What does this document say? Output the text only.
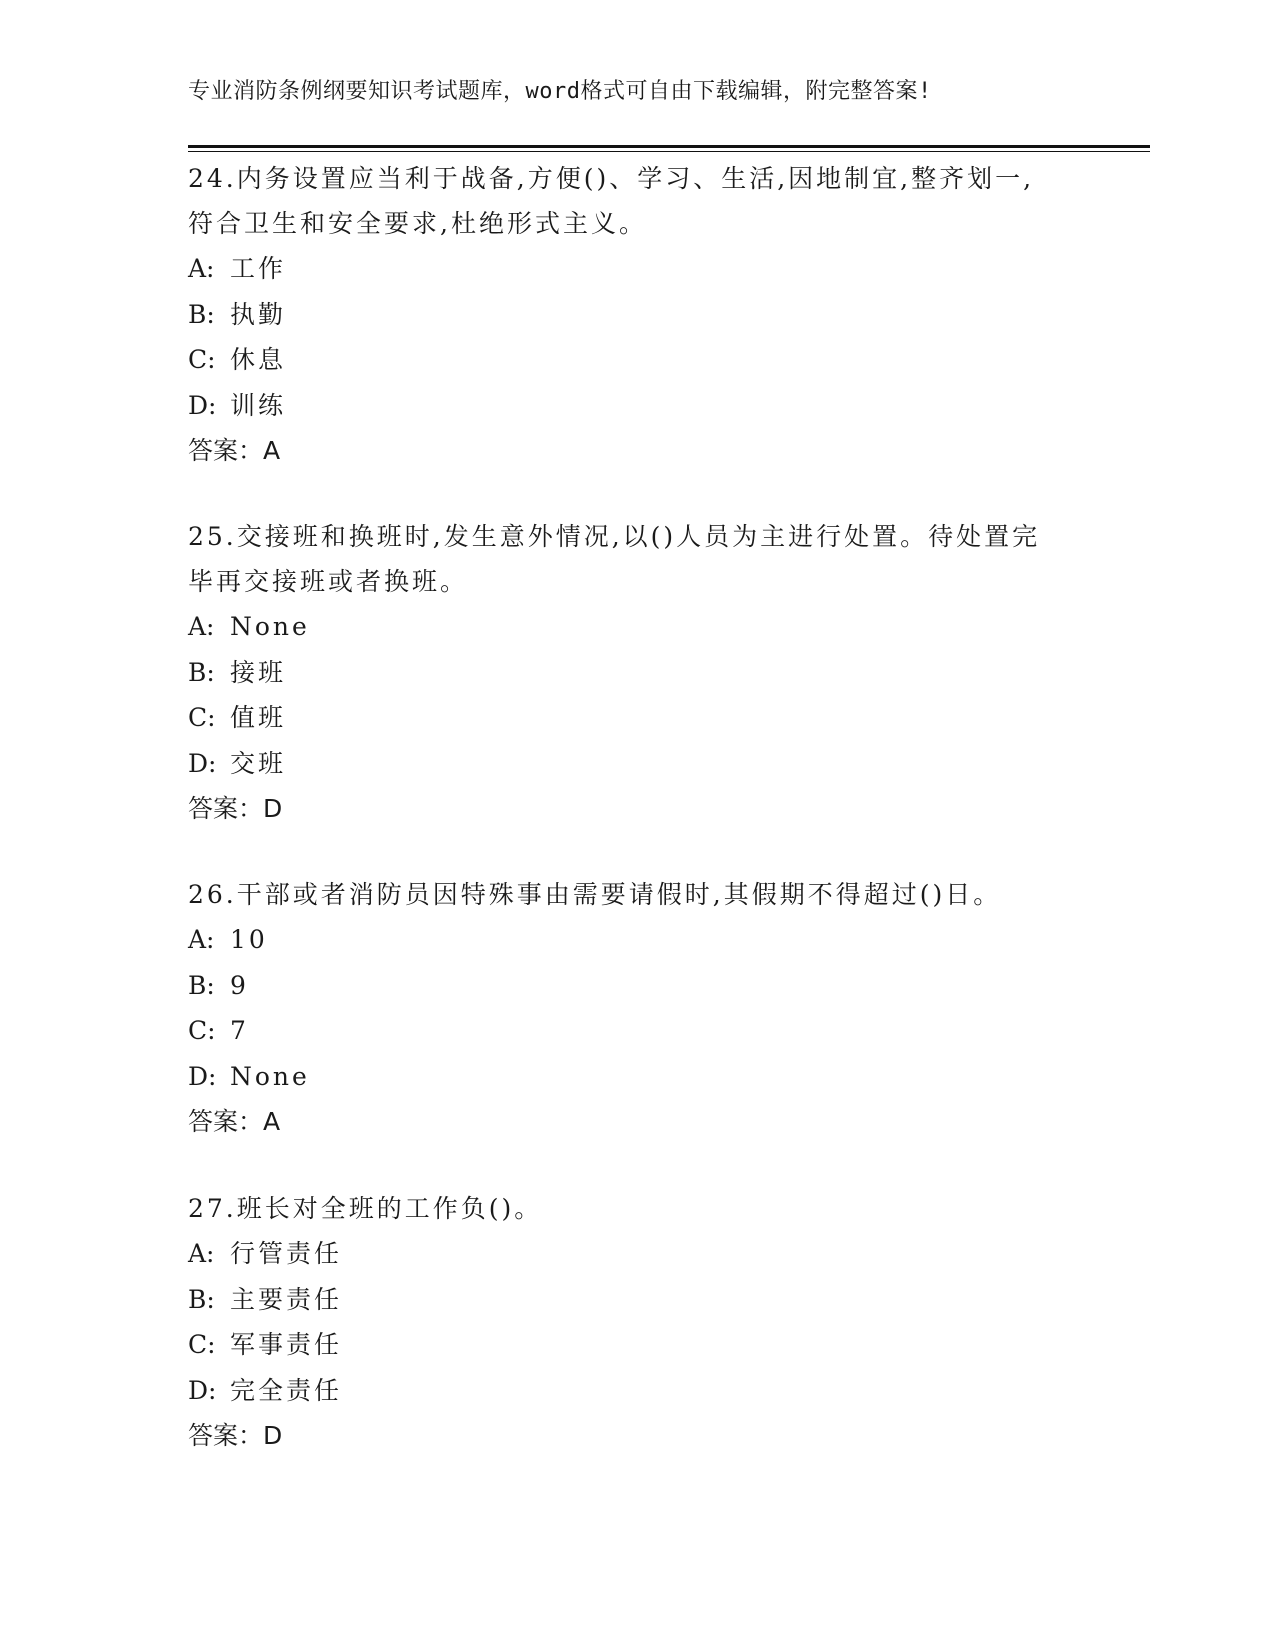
专业消防条例纲要知识考试题库，word格式可自由下载编辑，附完整答案!
24.内务设置应当利于战备,方便()、学习、生活,因地制宜,整齐划一,
符合卫生和安全要求,杜绝形式主义。
A: 工作
B: 执勤
C: 休息
D: 训练
答案：A
25.交接班和换班时,发生意外情况,以()人员为主进行处置。待处置完
毕再交接班或者换班。
A: None
B: 接班
C: 值班
D: 交班
答案：D
26.干部或者消防员因特殊事由需要请假时,其假期不得超过()日。
A: 10
B: 9
C: 7
D: None
答案：A
27.班长对全班的工作负()。
A: 行管责任
B: 主要责任
C: 军事责任
D: 完全责任
答案：D
